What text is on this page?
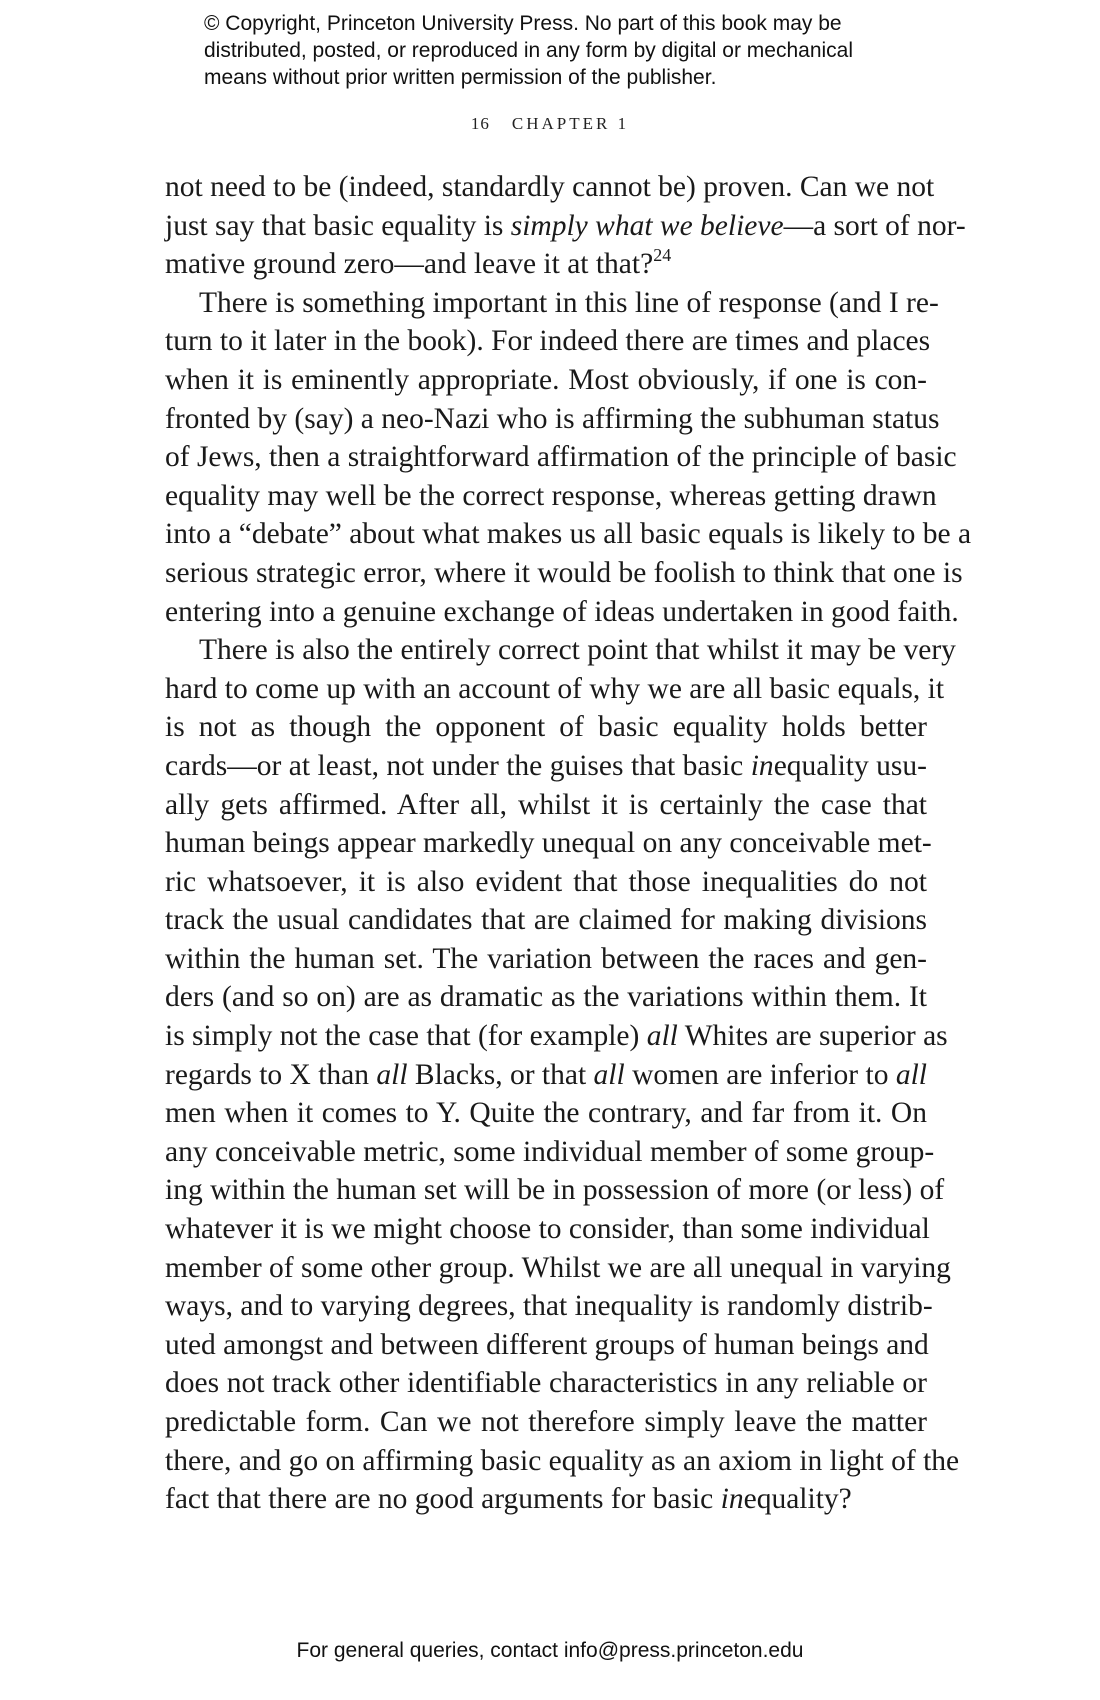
© Copyright, Princeton University Press. No part of this book may be
distributed, posted, or reproduced in any form by digital or mechanical
means without prior written permission of the publisher.
16 CHAPTER 1
not need to be (indeed, standardly cannot be) proven. Can we not
just say that basic equality is simply what we believe—a sort of nor-
mative ground zero—and leave it at that?$^{24}$
There is something important in this line of response (and I re-
turn to it later in the book). For indeed there are times and places
when it is eminently appropriate. Most obviously, if one is con-
fronted by (say) a neo-Nazi who is affirming the subhuman status
of Jews, then a straightforward affirmation of the principle of basic
equality may well be the correct response, whereas getting drawn
into a “debate” about what makes us all basic equals is likely to be a
serious strategic error, where it would be foolish to think that one is
entering into a genuine exchange of ideas undertaken in good faith.
There is also the entirely correct point that whilst it may be very
hard to come up with an account of why we are all basic equals, it
is not as though the opponent of basic equality holds better
cards—or at least, not under the guises that basic inequality usu-
ally gets affirmed. After all, whilst it is certainly the case that
human beings appear markedly unequal on any conceivable met-
ric whatsoever, it is also evident that those inequalities do not
track the usual candidates that are claimed for making divisions
within the human set. The variation between the races and gen-
ders (and so on) are as dramatic as the variations within them. It
is simply not the case that (for example) all Whites are superior as
regards to X than all Blacks, or that all women are inferior to all
men when it comes to Y. Quite the contrary, and far from it. On
any conceivable metric, some individual member of some group-
ing within the human set will be in possession of more (or less) of
whatever it is we might choose to consider, than some individual
member of some other group. Whilst we are all unequal in varying
ways, and to varying degrees, that inequality is randomly distrib-
uted amongst and between different groups of human beings and
does not track other identifiable characteristics in any reliable or
predictable form. Can we not therefore simply leave the matter
there, and go on affirming basic equality as an axiom in light of the
fact that there are no good arguments for basic inequality?
For general queries, contact info@press.princeton.edu
